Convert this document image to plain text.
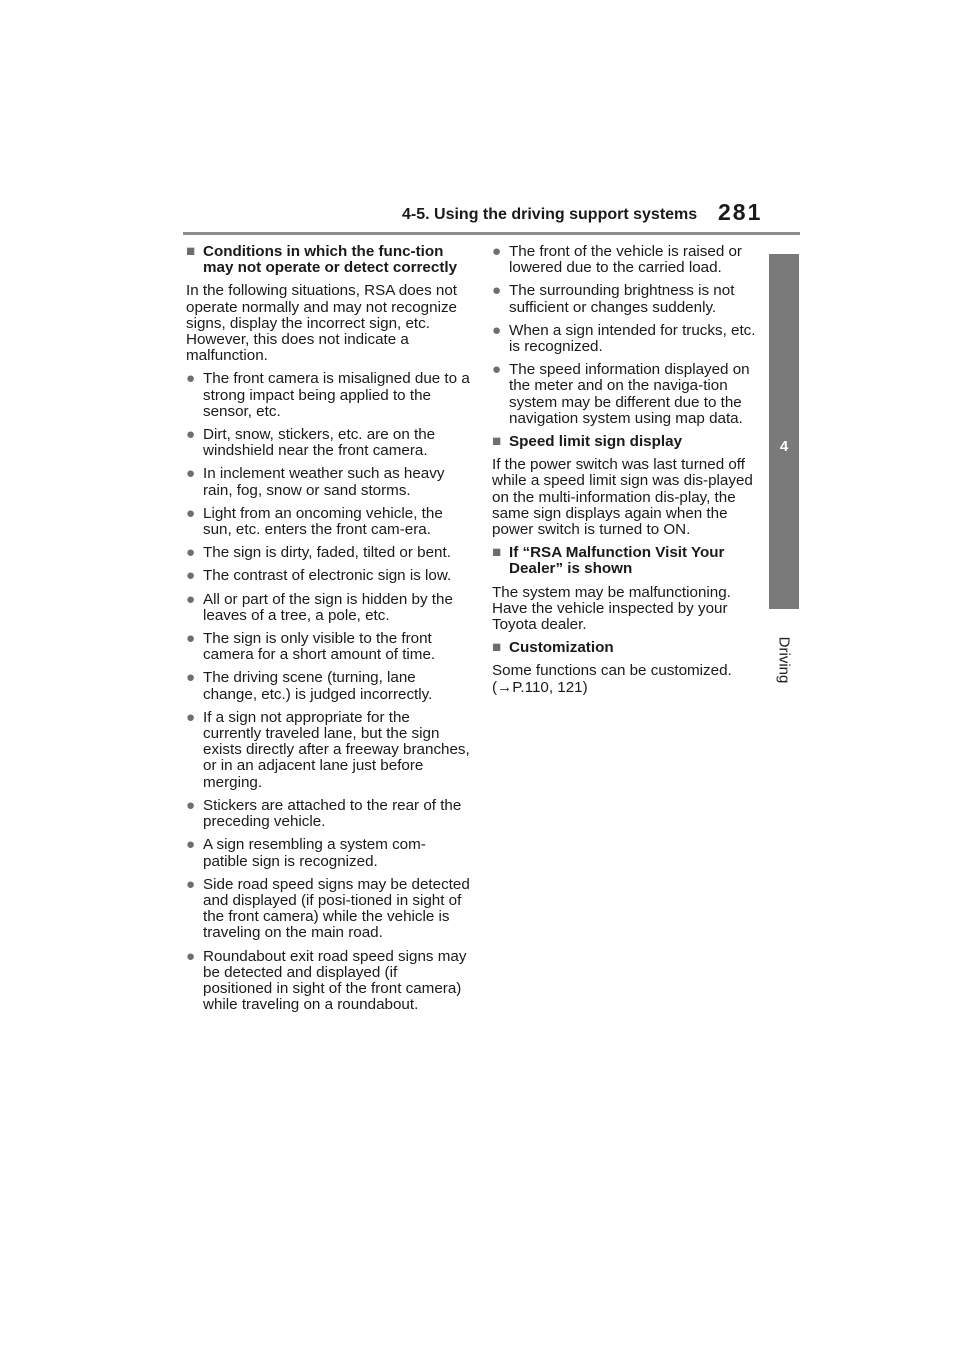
4-5. Using the driving support systems 281
4
Driving
■ Conditions in which the func-tion may not operate or detect correctly

In the following situations, RSA does not operate normally and may not recognize signs, display the incorrect sign, etc. However, this does not indicate a malfunction.

● The front camera is misaligned due to a strong impact being applied to the sensor, etc.
● Dirt, snow, stickers, etc. are on the windshield near the front camera.
● In inclement weather such as heavy rain, fog, snow or sand storms.
● Light from an oncoming vehicle, the sun, etc. enters the front cam-era.
● The sign is dirty, faded, tilted or bent.
● The contrast of electronic sign is low.
● All or part of the sign is hidden by the leaves of a tree, a pole, etc.
● The sign is only visible to the front camera for a short amount of time.
● The driving scene (turning, lane change, etc.) is judged incorrectly.
● If a sign not appropriate for the currently traveled lane, but the sign exists directly after a freeway branches, or in an adjacent lane just before merging.
● Stickers are attached to the rear of the preceding vehicle.
● A sign resembling a system com-patible sign is recognized.
● Side road speed signs may be detected and displayed (if posi-tioned in sight of the front camera) while the vehicle is traveling on the main road.
● Roundabout exit road speed signs may be detected and displayed (if positioned in sight of the front camera) while traveling on a roundabout.
● The front of the vehicle is raised or lowered due to the carried load.
● The surrounding brightness is not sufficient or changes suddenly.
● When a sign intended for trucks, etc. is recognized.
● The speed information displayed on the meter and on the naviga-tion system may be different due to the navigation system using map data.
■ Speed limit sign display

If the power switch was last turned off while a speed limit sign was dis-played on the multi-information dis-play, the same sign displays again when the power switch is turned to ON.

■ If “RSA Malfunction Visit Your Dealer” is shown

The system may be malfunctioning. Have the vehicle inspected by your Toyota dealer.

■ Customization

Some functions can be customized.
(→P.110, 121)
